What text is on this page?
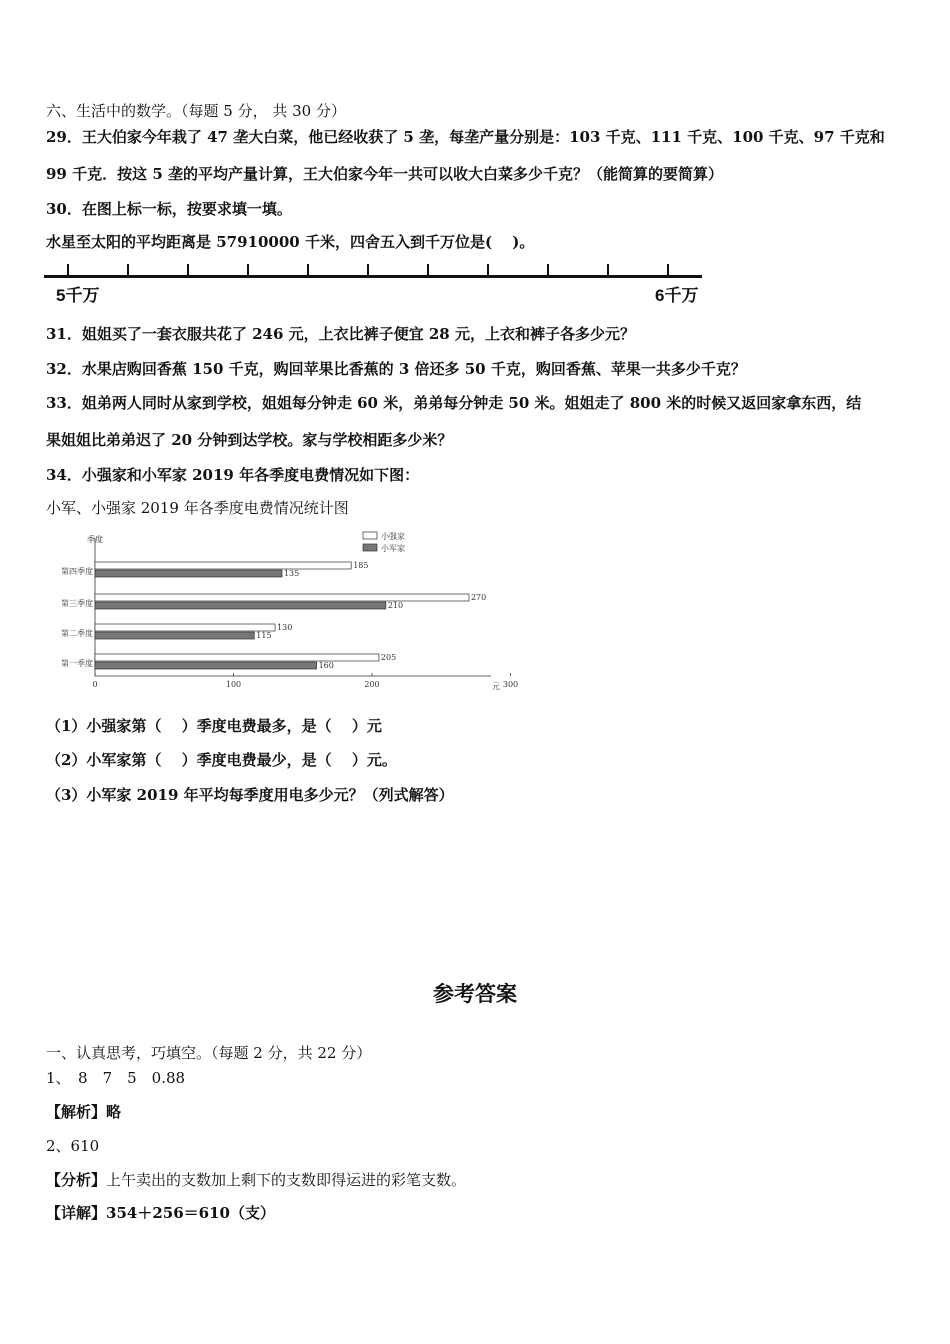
六、生活中的数学。（每题 5 分， 共 30 分）
29．王大伯家今年栽了 47 垄大白菜，他已经收获了 5 垄，每垄产量分别是：103 千克、111 千克、100 千克、97 千克和
99 千克．按这 5 垄的平均产量计算，王大伯家今年一共可以收大白菜多少千克？（能简算的要简算）
30．在图上标一标，按要求填一填。
水星至太阳的平均距离是 57910000 千米，四舍五入到千万位是(　 )。
5千万	6千万
31．姐姐买了一套衣服共花了 246 元，上衣比裤子便宜 28 元，上衣和裤子各多少元？
32．水果店购回香蕉 150 千克，购回苹果比香蕉的 3 倍还多 50 千克，购回香蕉、苹果一共多少千克？
33．姐弟两人同时从家到学校，姐姐每分钟走 60 米，弟弟每分钟走 50 米。姐姐走了 800 米的时候又返回家拿东西，结
果姐姐比弟弟迟了 20 分钟到达学校。家与学校相距多少米？
34．小强家和小军家 2019 年各季度电费情况如下图：
小军、小强家 2019 年各季度电费情况统计图
季度
元
0	100	200	300
第四季度
185
135
第三季度
270
210
第二季度
130
115
第一季度
205
160
小强家
小军家
（1）小强家第（　 ）季度电费最多，是（　 ）元
（2）小军家第（　 ）季度电费最少，是（　 ）元。
（3）小军家 2019 年平均每季度用电多少元？（列式解答）
参考答案
一、认真思考，巧填空。（每题 2 分，共 22 分）
1、　8　7　5　0.88
【解析】略
2、610
【分析】上午卖出的支数加上剩下的支数即得运进的彩笔支数。
【详解】354＋256＝610（支）
